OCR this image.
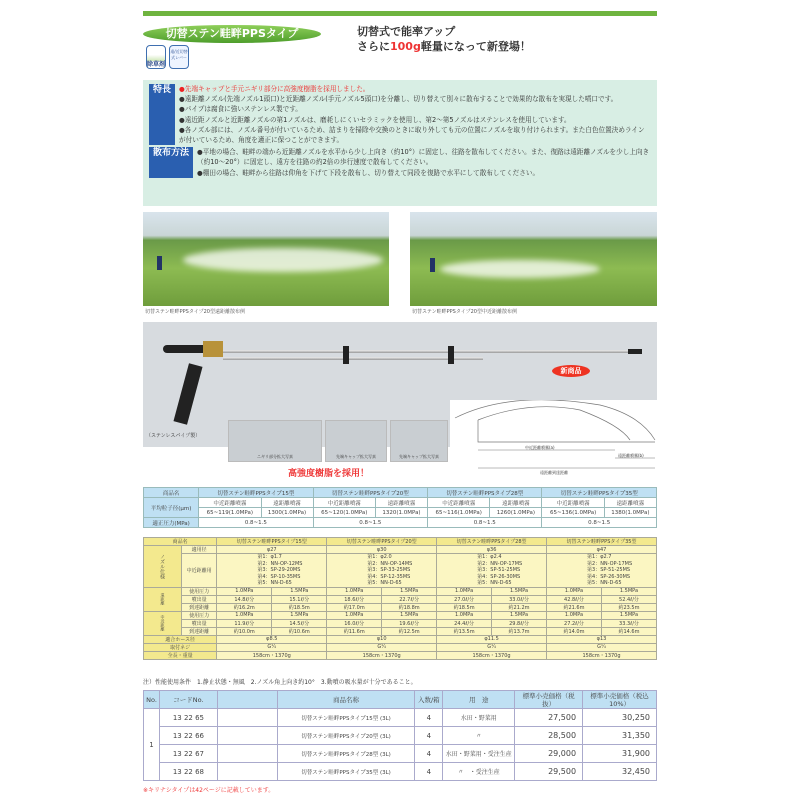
切替ステン畦畔PPSタイプ	切替式で能率アップ
さらに100g軽量になって新登場！
除草剤
遠/近切替式レバー
特長	●先端キャップと手元ニギリ部分に高強度樹脂を採用しました。
●遠距離ノズル(先端ノズル1頭口)と近距離ノズル(手元ノズル5頭口)を分離し、切り替えて別々に散布することで効果的な散布を実現した噴口です。
●パイプは腐食に強いステンレス製です。
●遠近距ノズルと近距離ノズルの第1ノズルは、磨耗しにくいセラミックを使用し、第2〜第5ノズルはステンレスを使用しています。
●各ノズル部には、ノズル番号が付いているため、詰まりを掃除や交換のときに取り外しても元の位置にノズルを取り付けられます。また白色位置決めラインが付いているため、角度を適正に保つことができます。
散布方法	●平地の場合、畦畔の端から近距離ノズルを水平から少し上向き（約10°）に固定し、往路を散布してください。また、復路は遠距離ノズルを少し上向き（約10〜20°）に固定し、遠方を往路の約2倍の歩行速度で散布してください。
●棚田の場合、畦畔から往路は仰角を下げて下段を散布し、切り替えて同段を復路で水平にして散布してください。
切替ステン畦畔PPSタイプ20型遠距離散布例	切替ステン畦畔PPSタイプ20型中近距離散布例
（ステンレスパイプ製）
新商品
ニギリ部分拡大写真	先端キャップ拡大写真	先端キャップ拡大写真
中近距離噴霧(a)
遠距離噴霧(b)
遠距離到達距離
高強度樹脂を採用！
商品名	切替ステン畦畔PPSタイプ15型		切替ステン畦畔PPSタイプ20型		切替ステン畦畔PPSタイプ28型		切替ステン畦畔PPSタイプ35型	
平均粒子径(μm)	中近距離噴霧	遠距離噴霧	中近距離噴霧	遠距離噴霧	中近距離噴霧	遠距離噴霧	中近距離噴霧	遠距離噴霧
	65~119(1.0MPa)	1300(1.0MPa)	65~120(1.0MPa)	1320(1.0MPa)	65~116(1.0MPa)	1260(1.0MPa)	65~136(1.0MPa)	1380(1.0MPa)
適正圧力(MPa)	0.8~1.5		0.8~1.5		0.8~1.5		0.8~1.5	
商品名		切替ステン畦畔PPSタイプ15型		切替ステン畦畔PPSタイプ20型		切替ステン畦畔PPSタイプ28型		切替ステン畦畔PPSタイプ35型	
ノズル仕様	適用径	φ27		φ30		φ36		φ47	
	中近距離用	第1：φ1.7
第2：NN-OP-12MS
第3：SP-29-20MS
第4：SP-10-35MS
第5：NN-D-65		第1：φ2.0
第2：NN-OP-14MS
第3：SP-33-25MS
第4：SP-12-35MS
第5：NN-D-65		第1：φ2.4
第2：NN-OP-17MS
第3：SP-51-25MS
第4：SP-26-30MS
第5：NN-D-65		第1：φ2.7
第2：NN-OP-17MS
第3：SP-51-25MS
第4：SP-26-30MS
第5：NN-D-65	
遠距離	使用圧力	1.0MPa	1.5MPa	1.0MPa	1.5MPa	1.0MPa	1.5MPa	1.0MPa	1.5MPa
	噴出量	14.8ℓ/分	15.1ℓ/分	18.6ℓ/分	22.7ℓ/分	27.0ℓ/分	33.0ℓ/分	42.8ℓ/分	52.4ℓ/分
	到達距離	約16.2m	約18.5m	約17.0m	約18.8m	約18.5m	約21.2m	約21.6m	約23.5m
中近距離	使用圧力	1.0MPa	1.5MPa	1.0MPa	1.5MPa	1.0MPa	1.5MPa	1.0MPa	1.5MPa
	噴出量	11.9ℓ/分	14.5ℓ/分	16.0ℓ/分	19.6ℓ/分	24.4ℓ/分	29.8ℓ/分	27.2ℓ/分	33.3ℓ/分
	到達距離	約10.0m	約10.6m	約11.6m	約12.5m	約13.5m	約13.7m	約14.0m	約14.6m
適合ホース径		φ8.5		φ10		φ11.5		φ13	
取付ネジ		G¼		G¼		G¼		G¼	
全長・重量		158cm・1370g		158cm・1370g		158cm・1370g		158cm・1370g	
注）性能使用条件　1.静止状態・無風　2.ノズル角上向き約10°　3.動噴の吸水量が十分であること。
No.	コードNo.		商品名称	入数/箱	用　途	標準小売価格（税　抜）	標準小売価格（税込10%）
1	13 22 65		切替ステン畦畔PPSタイプ15型 (3L)	4	水田・野菜用	27,500	30,250
	13 22 66		切替ステン畦畔PPSタイプ20型 (3L)	4	〃	28,500	31,350
	13 22 67		切替ステン畦畔PPSタイプ28型 (3L)	4	水田・野菜用・受注生産	29,000	31,900
	13 22 68		切替ステン畦畔PPSタイプ35型 (3L)	4	〃　・受注生産	29,500	32,450
※キリナシタイプは42ページに記載しています。
